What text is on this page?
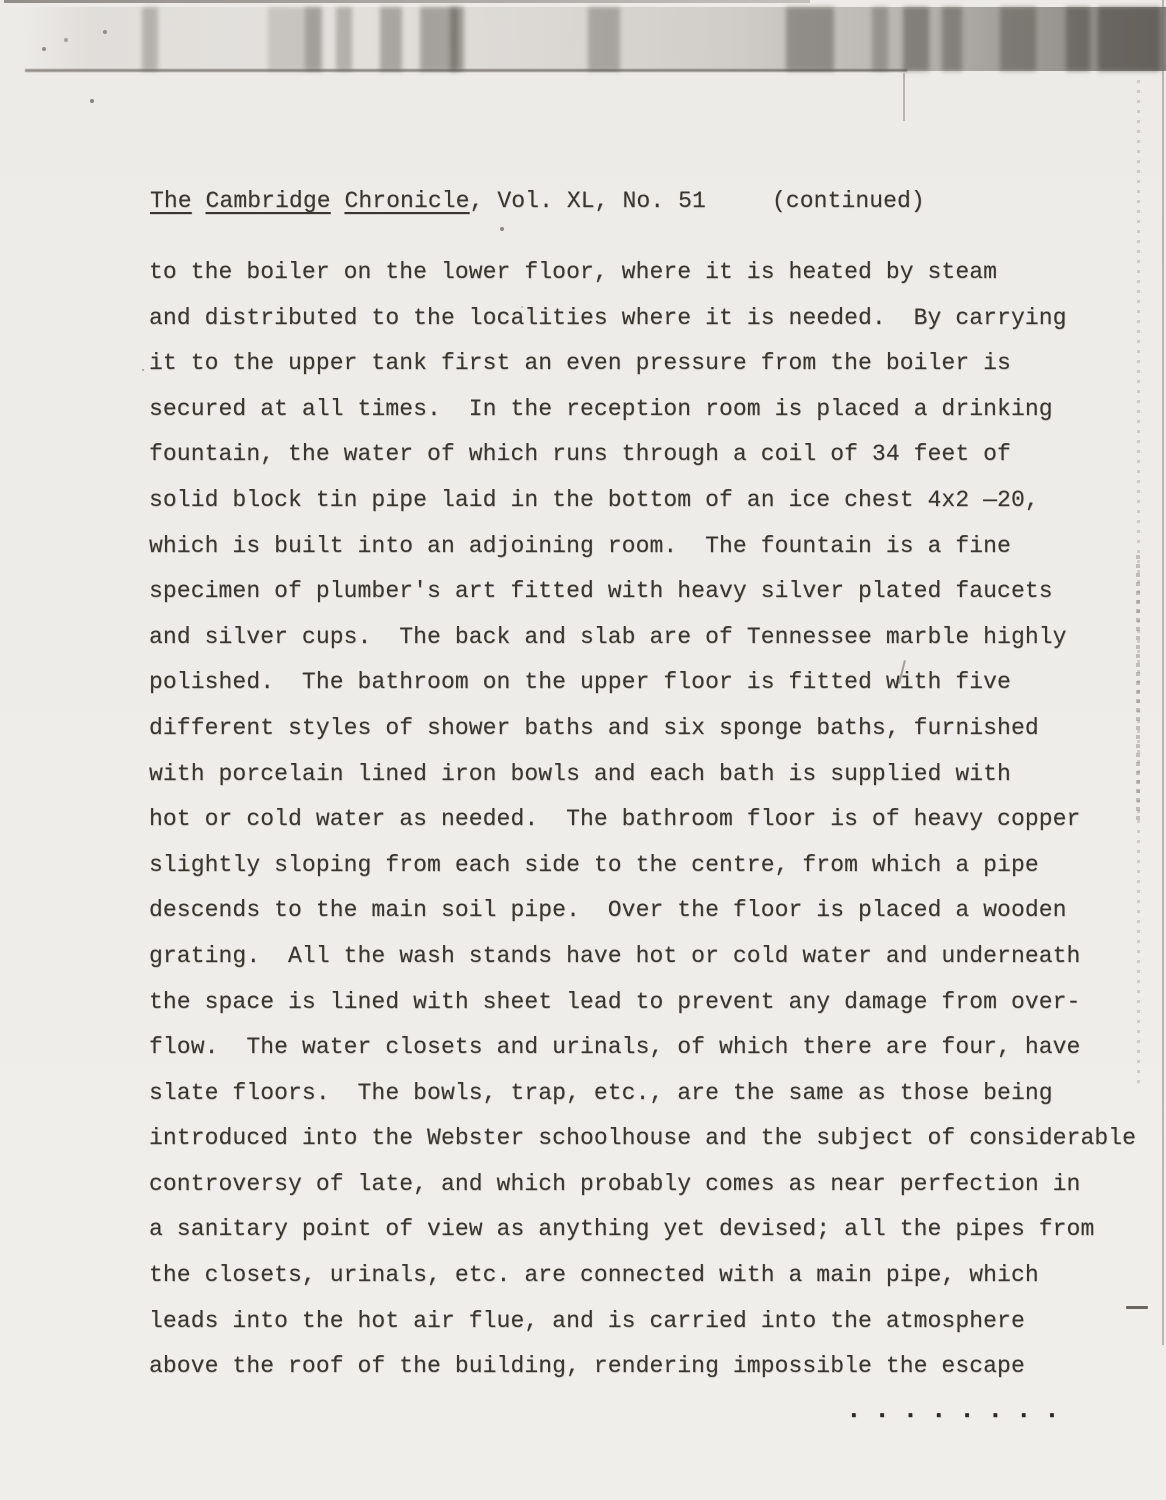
The Cambridge Chronicle, Vol. XL, No. 51	(continued)
to the boiler on the lower floor, where it is heated by steam
and distributed to the localities where it is needed.  By carrying
it to the upper tank first an even pressure from the boiler is
secured at all times.  In the reception room is placed a drinking
fountain, the water of which runs through a coil of 34 feet of
solid block tin pipe laid in the bottom of an ice chest 4x2 —20,
which is built into an adjoining room.  The fountain is a fine
specimen of plumber's art fitted with heavy silver plated faucets
and silver cups.  The back and slab are of Tennessee marble highly
polished.  The bathroom on the upper floor is fitted with five
different styles of shower baths and six sponge baths, furnished
with porcelain lined iron bowls and each bath is supplied with
hot or cold water as needed.  The bathroom floor is of heavy copper
slightly sloping from each side to the centre, from which a pipe
descends to the main soil pipe.  Over the floor is placed a wooden
grating.  All the wash stands have hot or cold water and underneath
the space is lined with sheet lead to prevent any damage from over-
flow.  The water closets and urinals, of which there are four, have
slate floors.  The bowls, trap, etc., are the same as those being
introduced into the Webster schoolhouse and the subject of considerable
controversy of late, and which probably comes as near perfection in
a sanitary point of view as anything yet devised; all the pipes from
the closets, urinals, etc. are connected with a main pipe, which
leads into the hot air flue, and is carried into the atmosphere
above the roof of the building, rendering impossible the escape
........
